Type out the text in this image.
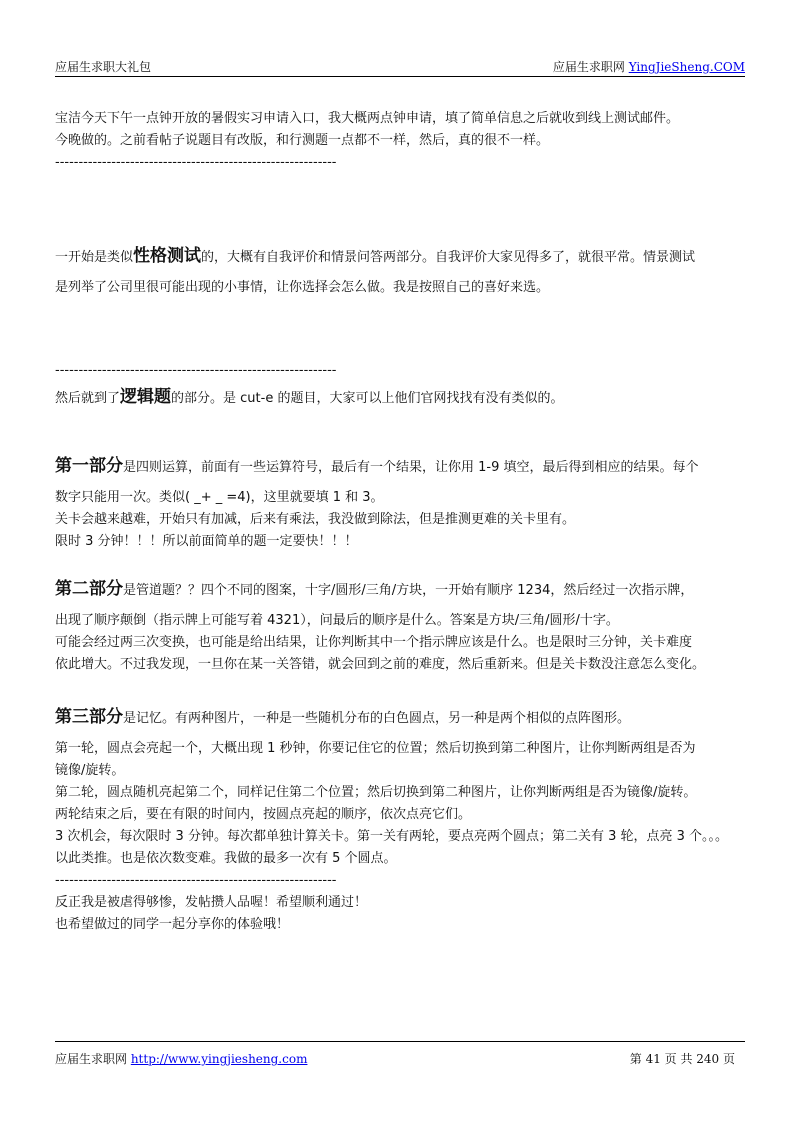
应届生求职大礼包	应届生求职网 YingJieSheng.COM
宝洁今天下午一点钟开放的暑假实习申请入口，我大概两点钟申请，填了简单信息之后就收到线上测试邮件。
今晚做的。之前看帖子说题目有改版，和行测题一点都不一样，然后，真的很不一样。
------------------------------------------------------------
一开始是类似性格测试的，大概有自我评价和情景问答两部分。自我评价大家见得多了，就很平常。情景测试
是列举了公司里很可能出现的小事情，让你选择会怎么做。我是按照自己的喜好来选。
------------------------------------------------------------
然后就到了逻辑题的部分。是 cut-e 的题目，大家可以上他们官网找找有没有类似的。
第一部分是四则运算，前面有一些运算符号，最后有一个结果，让你用 1-9 填空，最后得到相应的结果。每个
数字只能用一次。类似( _+ _ =4)，这里就要填 1 和 3。
关卡会越来越难，开始只有加减，后来有乘法，我没做到除法，但是推测更难的关卡里有。
限时 3 分钟！！！所以前面简单的题一定要快！！！
第二部分是管道题？？四个不同的图案，十字/圆形/三角/方块，一开始有顺序 1234，然后经过一次指示牌，
出现了顺序颠倒（指示牌上可能写着 4321），问最后的顺序是什么。答案是方块/三角/圆形/十字。
可能会经过两三次变换，也可能是给出结果，让你判断其中一个指示牌应该是什么。也是限时三分钟，关卡难度
依此增大。不过我发现，一旦你在某一关答错，就会回到之前的难度，然后重新来。但是关卡数没注意怎么变化。
第三部分是记忆。有两种图片，一种是一些随机分布的白色圆点，另一种是两个相似的点阵图形。
第一轮，圆点会亮起一个，大概出现 1 秒钟，你要记住它的位置；然后切换到第二种图片，让你判断两组是否为
镜像/旋转。
第二轮，圆点随机亮起第二个，同样记住第二个位置；然后切换到第二种图片，让你判断两组是否为镜像/旋转。
两轮结束之后，要在有限的时间内，按圆点亮起的顺序，依次点亮它们。
3 次机会，每次限时 3 分钟。每次都单独计算关卡。第一关有两轮，要点亮两个圆点；第二关有 3 轮，点亮 3 个。。。
以此类推。也是依次数变难。我做的最多一次有 5 个圆点。
------------------------------------------------------------
反正我是被虐得够惨，发帖攒人品喔！希望顺利通过！
也希望做过的同学一起分享你的体验哦！
应届生求职网 http://www.yingjiesheng.com	第 41 页 共 240 页
